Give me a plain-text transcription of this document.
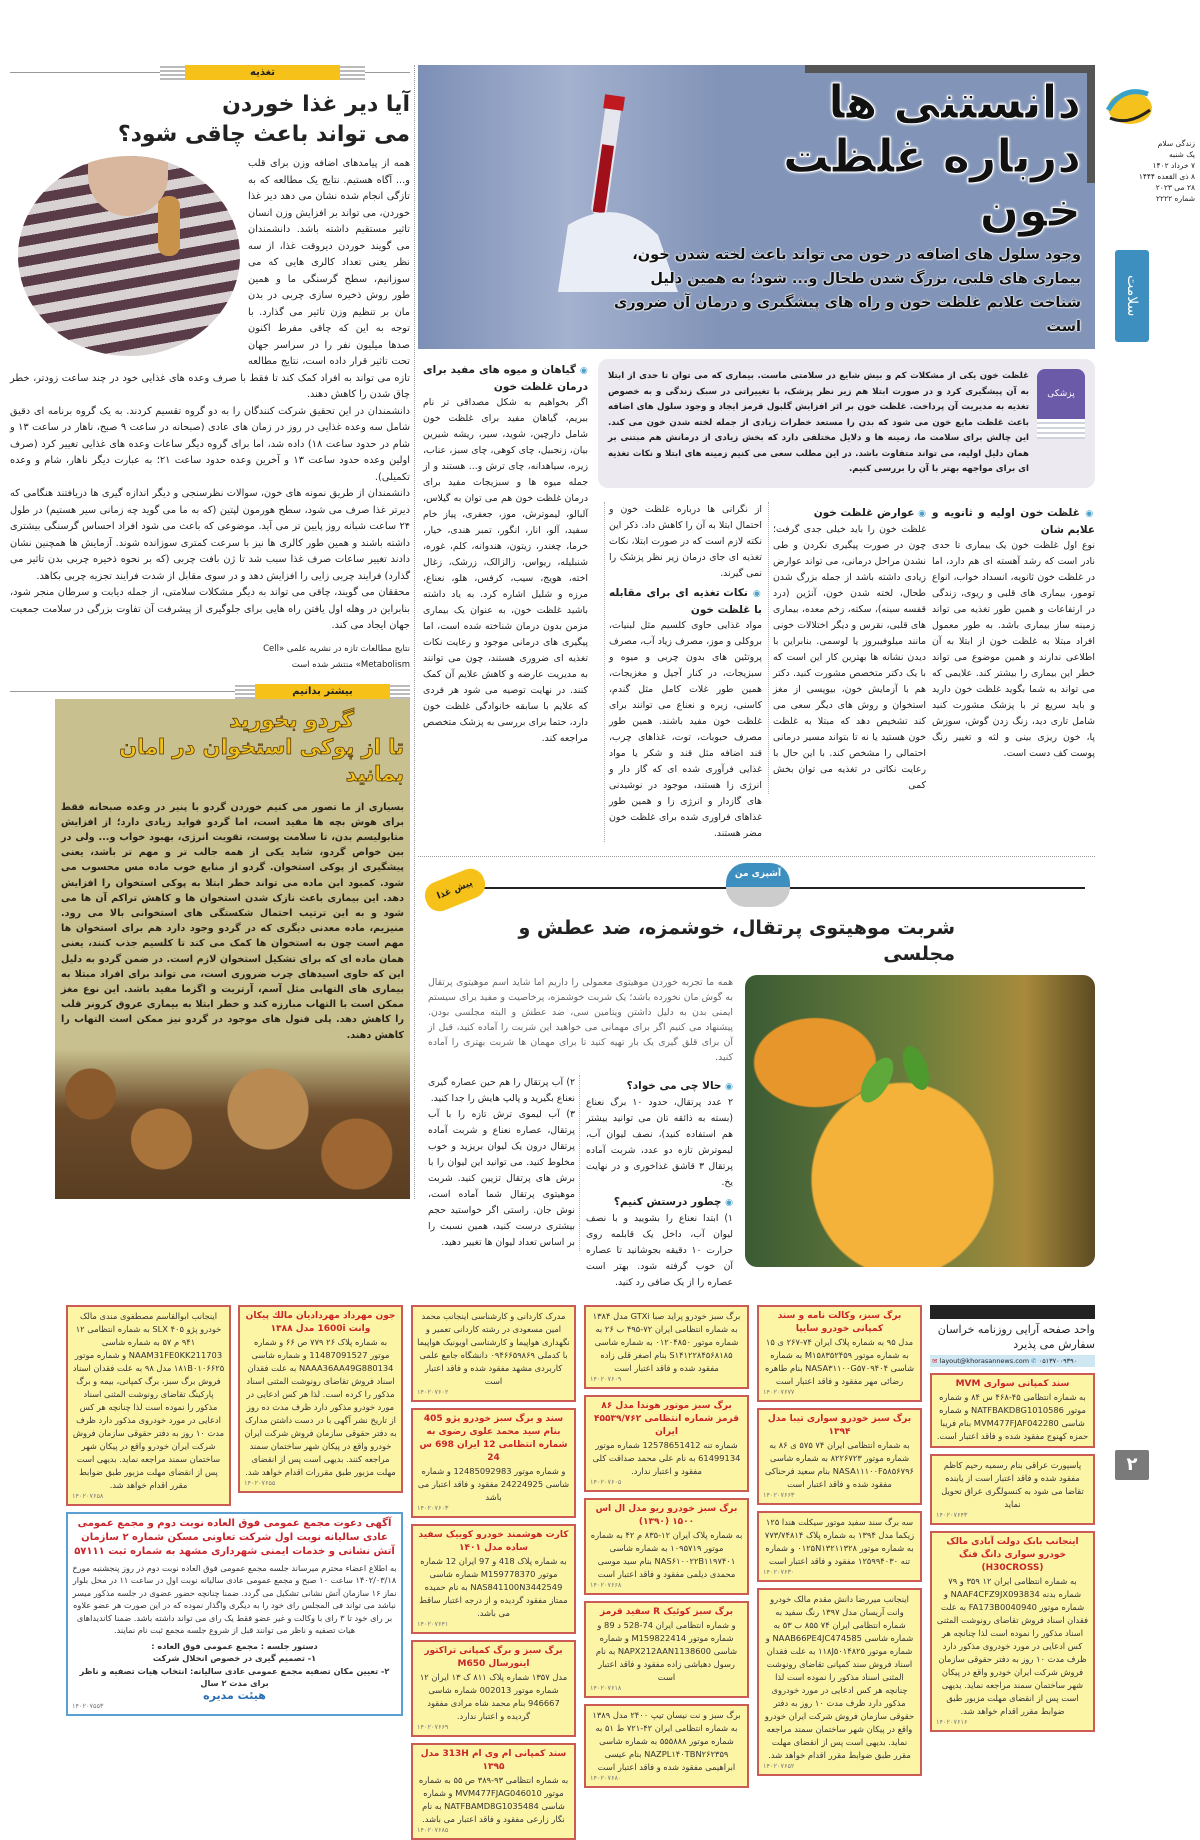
زندگی سلام
یک شنبه
۷ خرداد ۱۴۰۲
۸ ذی القعده ۱۴۴۴
۲۸ می ۲۰۲۳
شماره ۲۲۲۲
سلامت
۲
تغذیه
آیا دیر غذا خوردن
می تواند باعث چاقی شود؟

همه از پیامدهای اضافه وزن برای قلب و... آگاه هستیم. نتایج یک مطالعه که به تازگی انجام شده نشان می دهد دیر غذا خوردن، می تواند بر افزایش وزن انسان تاثیر مستقیم داشته باشد. دانشمندان می گویند خوردن دیروقت غذا، از سه نظر یعنی تعداد کالری هایی که می سوزانیم، سطح گرسنگی ما و همین طور روش ذخیره سازی چربی در بدن مان بر تنظیم وزن تاثیر می گذارد. با توجه به این که چاقی مفرط اکنون صدها میلیون نفر را در سراسر جهان تحت تاثیر قرار داده است، نتایج مطالعه تازه می تواند به افراد کمک کند تا فقط با صرف وعده های غذایی خود در چند ساعت زودتر، خطر چاق شدن را کاهش دهند.

دانشمندان در این تحقیق شرکت کنندگان را به دو گروه تقسیم کردند. به یک گروه برنامه ای دقیق شامل سه وعده غذایی در روز در زمان های عادی (صبحانه در ساعت ۹ صبح، ناهار در ساعت ۱۳ و شام در حدود ساعت ۱۸) داده شد، اما برای گروه دیگر ساعات وعده های غذایی تغییر کرد (صرف اولین وعده حدود ساعت ۱۳ و آخرین وعده حدود ساعت ۲۱؛ به عبارت دیگر ناهار، شام و وعده تکمیلی).

دانشمندان از طریق نمونه های خون، سوالات نظرسنجی و دیگر اندازه گیری ها دریافتند هنگامی که دیرتر غذا صرف می شود، سطح هورمون لپتین (که به ما می گوید چه زمانی سیر هستیم) در طول ۲۴ ساعت شبانه روز پایین تر می آید. موضوعی که باعث می شود افراد احساس گرسنگی بیشتری داشته باشند و همین طور کالری ها نیز با سرعت کمتری سوزانده شوند. آزمایش ها همچنین نشان دادند تغییر ساعات صرف غذا سبب شد تا ژن بافت چربی (که بر نحوه ذخیره چربی بدن تاثیر می گذارد) فرایند چربی زایی را افزایش دهد و در سوی مقابل از شدت فرایند تجزیه چربی بکاهد.

محققان می گویند، چاقی می تواند به دیگر مشکلات سلامتی، از جمله دیابت و سرطان منجر شود، بنابراین در وهله اول یافتن راه هایی برای جلوگیری از پیشرفت آن تفاوت بزرگی در سلامت جمعیت جهان ایجاد می کند.

نتایج مطالعات تازه در نشریه علمی «Cell Metabolism» منتشر شده است

بیشتر بدانیم
گردو بخورید
تا از پوکی استخوان در امان بمانید
بسیاری از ما تصور می کنیم خوردن گردو با پنیر در وعده صبحانه فقط برای هوش بچه ها مفید است، اما گردو فواید زیادی دارد؛ از افزایش متابولیسم بدن، تا سلامت پوست، تقویت انرژی، بهبود خواب و... ولی در بین خواص گردو، شاید یکی از همه جالب تر و مهم تر باشد، یعنی پیشگیری از پوکی استخوان. گردو از منابع خوب ماده مس محسوب می شود. کمبود این ماده می تواند خطر ابتلا به پوکی استخوان را افزایش دهد. این بیماری باعث نازک شدن استخوان ها و کاهش تراکم آن ها می شود و به این ترتیب احتمال شکستگی های استخوانی بالا می رود. منیزیم، ماده معدنی دیگری که در گردو وجود دارد هم برای استخوان ها مهم است چون به استخوان ها کمک می کند تا کلسیم جذب کنند، یعنی همان ماده ای که برای تشکیل استخوان لازم است. در ضمن گردو به دلیل این که حاوی اسیدهای چرب ضروری است، می تواند برای افراد مبتلا به بیماری های التهابی مثل آسم، آرتریت و اگزما مفید باشد. این نوع مغز ممکن است با التهاب مبارزه کند و خطر ابتلا به بیماری عروق کرونر قلب را کاهش دهد. پلی فنول های موجود در گردو نیز ممکن است التهاب را کاهش دهند.
دانستنی ها
درباره غلظت خون
وجود سلول های اضافه در خون می تواند باعث لخته شدن خون، بیماری های قلبی، بزرگ شدن طحال و... شود؛ به همین دلیل شناخت علایم غلظت خون و راه های پیشگیری و درمان آن ضروری است
پزشکی
غلظت خون یکی از مشکلات کم و بیش شایع در سلامتی ماست. بیماری که می توان تا حدی از ابتلا به آن پیشگیری کرد و در صورت ابتلا هم زیر نظر پزشک، با تغییراتی در سبک زندگی و به خصوص تغذیه به مدیریت آن پرداخت. غلظت خون بر اثر افزایش گلبول قرمز ایجاد و وجود سلول های اضافه باعث غلظت مایع خون می شود که بدن را مستعد خطرات زیادی از جمله لخته شدن خون می کند. این چالش برای سلامت ما، زمینه ها و دلایل مختلفی دارد که بخش زیادی از درمانش هم مبتنی بر همان دلیل اولیه، می تواند متفاوت باشد. در این مطلب سعی می کنیم زمینه های ابتلا و نکات تغذیه ای برای مواجهه بهتر با آن را بررسی کنیم.
◉ غلظت خون اولیه و ثانویه و علایم شان
نوع اول غلظت خون یک بیماری تا حدی نادر است که رشد آهسته ای هم دارد، اما در غلظت خون ثانویه، انسداد خواب، انواع تومور، بیماری های قلبی و ریوی، زندگی در ارتفاعات و همین طور تغذیه می تواند زمینه ساز بیماری باشد. به طور معمول افراد مبتلا به غلظت خون از ابتلا به آن اطلاعی ندارند و همین موضوع می تواند خطر این بیماری را بیشتر کند. علایمی که می تواند به شما بگوید غلظت خون دارید و باید سریع تر با پزشک مشورت کنید شامل تاری دید، زنگ زدن گوش، سوزش پا، خون ریزی بینی و لثه و تغییر رنگ پوست کف دست است.
◉ عوارض غلظت خون
غلظت خون را باید خیلی جدی گرفت؛ چون در صورت پیگیری نکردن و طی نشدن مراحل درمانی، می تواند عوارض زیادی داشته باشد از جمله بزرگ شدن طحال، لخته شدن خون، آنژین (درد قفسه سینه)، سکته، زخم معده، بیماری های قلبی، نقرس و دیگر اختلالات خونی مانند میلوفیبروز یا لوسمی. بنابراین با دیدن نشانه ها بهترین کار این است که با یک دکتر متخصص مشورت کنید. دکتر هم با آزمایش خون، بیوپسی از مغز استخوان و روش های دیگر سعی می کند تشخیص دهد که مبتلا به غلظت خون هستید یا نه تا بتواند مسیر درمانی احتمالی را مشخص کند. با این حال با رعایت نکاتی در تغذیه می توان بخش کمی
از نگرانی ها درباره غلظت خون و احتمال ابتلا به آن را کاهش داد. ذکر این نکته لازم است که در صورت ابتلا، نکات تغذیه ای جای درمان زیر نظر پزشک را نمی گیرند.
◉ نکات تغذیه ای برای مقابله با غلظت خون
مواد غذایی حاوی کلسیم مثل لبنیات، بروکلی و موز، مصرف زیاد آب، مصرف پروتئین های بدون چربی و میوه و سبزیجات، در کنار آجیل و مغزیجات، همین طور غلات کامل مثل گندم، کاسنی، زیره و نعناع می توانند برای غلظت خون مفید باشند. همین طور مصرف حبوبات، توت، غذاهای چرب، قند اضافه مثل قند و شکر یا مواد غذایی فرآوری شده ای که گاز دار و انرژی زا هستند، موجود در نوشیدنی های گازدار و انرژی زا و همین طور غذاهای فراوری شده برای غلظت خون مضر هستند.
◉ گیاهان و میوه های مفید برای درمان غلظت خون
اگر بخواهیم به شکل مصداقی تر نام ببریم، گیاهان مفید برای غلظت خون شامل دارچین، شوید، سیر، ریشه شیرین بیان، زنجبیل، چای کوهی، چای سبز، عناب، زیره، سیاهدانه، چای ترش و... هستند و از جمله میوه ها و سبزیجات مفید برای درمان غلظت خون هم می توان به گیلاس، آلبالو، لیموترش، موز، جعفری، پیاز خام سفید، آلو، انار، انگور، تمبر هندی، خیار، خرما، چغندر، زیتون، هندوانه، کلم، غوره، شنبلیله، ریواس، زالزالک، زرشک، زغال اخته، هویج، سیب، کرفس، هلو، نعناع، مرزه و شلیل اشاره کرد. به یاد داشته باشید غلظت خون، به عنوان یک بیماری مزمن بدون درمان شناخته شده است، اما پیگیری های درمانی موجود و رعایت نکات تغذیه ای ضروری هستند، چون می توانند به مدیریت عارضه و کاهش علایم آن کمک کنند. در نهایت توصیه می شود هر فردی که علایم با سابقه خانوادگی غلظت خون دارد، حتما برای بررسی به پزشک متخصص مراجعه کند.
آشپزی من
پیش غذا
شربت موهیتوی پرتقال، خوشمزه، ضد عطش و مجلسی
همه ما تجربه خوردن موهیتوی معمولی را داریم اما شاید اسم موهیتوی پرتقال به گوش مان نخورده باشد؛ یک شربت خوشمزه، پرخاصیت و مفید برای سیستم ایمنی بدن به دلیل داشتن ویتامین سی، ضد عطش و البته مجلسی بودن. پیشنهاد می کنیم اگر برای مهمانی می خواهید این شربت را آماده کنید، قبل از آن برای قلق گیری یک بار تهیه کنید تا برای مهمان ها شربت بهتری را آماده کنید.
◉ حالا چی می خواد؟
۲ عدد پرتقال، حدود ۱۰ برگ نعناع (بسته به ذائقه تان می توانید بیشتر هم استفاده کنید)، نصف لیوان آب، لیموترش تازه دو عدد، شربت آماده پرتقال ۳ قاشق غذاخوری و در نهایت یخ.
◉ چطور درستش کنیم؟
۱) ابتدا نعناع را بشویید و با نصف لیوان آب، داخل یک قابلمه روی حرارت ۱۰ دقیقه بجوشانید تا عصاره آن خوب گرفته شود. بهتر است عصاره را از یک صافی رد کنید.
۲) آب پرتقال را هم حین عصاره گیری نعناع بگیرید و پالپ هایش را جدا کنید.
۳) آب لیموی ترش تازه را با آب پرتقال، عصاره نعناع و شربت آماده پرتقال درون یک لیوان بریزید و خوب مخلوط کنید. می توانید این لیوان را با برش های پرتقال تزیین کنید. شربت موهیتوی پرتقال شما آماده است، نوش جان. راستی اگر خواستید حجم بیشتری درست کنید، همین نسبت را بر اساس تعداد لیوان ها تغییر دهید.
واحد صفحه آرایی روزنامه خراسان سفارش می پذیرد
✉ layout@khorasannews.com ✆ ۰۵۱۳۷۰۰۹۳۹۰
سند کمپانی سواری MVM
به شماره انتظامی ۴۵-۴۶۸ س ۸۴ و شماره موتور NATFBAKD8G1010586 و شماره شاسی MVM477FJAF042280 بنام فریبا حمزه کهنوج مفقود شده و فاقد اعتبار است.
پاسپورت عراقی بنام رسمیه رحیم کاظم مفقود شده و فاقد اعتبار است از یابنده تقاضا می شود به کنسولگری عراق تحویل نماید
۱۴۰۲۰۷۶۴۳
اینجانب بابک دولت آبادی مالک خودرو سواری دانگ فنگ (H30CROSS)
به شماره انتظامی ایران ۱۲ ۳۵۹ و ۷۹ شماره بدنه NAAF4CFZ9JX093834 و شماره موتور FA173B0040940 به علت فقدان اسناد فروش تقاضای رونوشت المثنی اسناد مذکور را نموده است لذا چنانچه هر کس ادعایی در مورد خودروی مذکور دارد ظرف مدت ۱۰ روز به دفتر حقوقی سازمان فروش شرکت ایران خودرو واقع در پیکان شهر ساختمان سمند مراجعه نماید. بدیهی است پس از انقضای مهلت مزبور طبق ضوابط مقرر اقدام خواهد شد.
۱۴۰۲۰۷۶۱۶
برگ سبز، وکالت نامه و سند کمپانی خودرو سایپا
مدل ۹۵ به شماره پلاک ایران ۷۴-۲۶۷ ی ۱۵ به شماره موتور M۱۵۸۳۵۲۴۵۹ به شماره شاسی NASA۳۱۱۰۰G۵۷۰۹۴۰۴ بنام طاهره رضائی مهر مفقود و فاقد اعتبار است
۱۴۰۲۰۷۶۷۷
برگ سبز خودرو سواری تیبا مدل ۱۳۹۴
به شماره انتظامی ایران ۷۴ ۵۷۵ ی ۸۶ به شماره موتور ۸۲۲۶۷۲۳ به شماره شاسی NASA۱۱۱۰۰F۵۸۵۶۷۹۶ بنام سعید فرحناکی مفقود شده و فاقد اعتبار است
۱۴۰۲۰۷۶۶۳
سه برگ سند سفید موتور سیکلت هندا ۱۲۵ زیکما مدل ۱۳۹۴ به شماره پلاک ۷۷۳/۷۴۸۱۴ به شماره موتور ۰۱۲۵N۱۳۲۱۱۳۲۸ و شماره تنه ۱۲۵۹۹۴۰۳۰ مفقود و فاقد اعتبار است
۱۴۰۲۰۷۶۳۰
اینجانب میررضا دانش مقدم مالک خودرو وانت آریسان مدل ۱۳۹۷ رنگ سفید به شماره انتظامی ایران ۷۴ ۸۵۵ ب ۵۳ به شماره شاسی NAAB66PE4JC474585 و شماره موتور ۱۱۸J۵۰۱۴۸۲۵ به علت فقدان اسناد فروش سند کمپانی تقاضای رونوشت المثنی اسناد مذکور را نموده است لذا چنانچه هر کس ادعایی در مورد خودروی مذکور دارد ظرف مدت ۱۰ روز به دفتر حقوقی سازمان فروش شرکت ایران خودرو واقع در پیکان شهر ساختمان سمند مراجعه نماید. بدیهی است پس از انقضای مهلت مقرر طبق ضوابط مقرر اقدام خواهد شد.
۱۴۰۲۰۷۶۵۲
برگ سبز خودرو پراید صبا GTXi مدل ۱۳۸۴ به شماره انتظامی ایران ۷۲-۴۹۵ ب ۲۶ به شماره موتور ۰۱۲۰۴۸۵۰ به شماره شاسی S۱۴۱۲۲۸۴۵۶۸۱۸۵ بنام اصغر قلی زاده مفقود شده و فاقد اعتبار است
۱۴۰۲۰۷۶۰۹
برگ سبز موتور هوندا مدل ۸۶ قرمز شماره انتظامی ۴۵۵۳۹/۷۶۲ ایران
شماره تنه 12578651412 شماره موتور 61499134 به نام علی محمد صداقت کلی مفقود و اعتبار ندارد.
۱۴۰۲۰۷۶۰۵
برگ سبز خودرو ریو مدل ال اس ۱۵۰۰ (۱۳۹۰)
به شماره پلاک ایران ۱۲-۸۳۵ م ۴۲ به شماره موتور ۱۰۹۵۷۱۹ به شماره شاسی NAS۶۱۰۰۲۲B۱۱۹۷۴۰۱ بنام سید موسی محمدی دیلمی مفقود و فاقد اعتبار است
۱۴۰۲۰۷۶۶۸
برگ سبز کوئیک R سفید قرمز
و شماره انتظامی ایران 74-528 د 89 و شماره موتور M159822414 و شماره شاسی NAPX212AAN1138600 به نام رسول دهباشی زاده مفقود و فاقد اعتبار است
۱۴۰۲۰۷۶۱۸
برگ سبز و نت نیسان تیپ ۲۴۰۰ مدل ۱۳۸۹ به شماره انتظامی ایران ۴۲-۷۲۱ ط ۵۱ به شماره موتور ۵۵۵۸۸۸ به شماره شاسی NAZPL۱۴۰TBN۲۶۲۳۵۹ بنام عیسی ابراهیمی مفقود شده و فاقد اعتبار است
۱۴۰۲۰۷۶۸۰
مدرک کاردانی و کارشناسی اینجانب محمد امین مسعودی در رشته کاردانی تعمیر و نگهداری هواپیما و کارشناسی اویونیک هواپیما با کدملی ۰۹۴۶۶۵۹۸۶۹ دانشگاه جامع علمی کاربردی مشهد مفقود شده و فاقد اعتبار است
۱۴۰۲۰۷۶۰۲
سند و برگ سبز خودرو پژو 405 بنام سید محمد علوی رضوی به شماره انتظامی 12 ایران 698 س 24
و شماره موتور 12485092983 و شماره شاسی 24224925 مفقود و فاقد اعتبار می باشد
۱۴۰۲۰۷۶۰۳
کارت هوشمند خودرو کوییک سفید ساده مدل ۱۴۰۱
به شماره پلاک 418 و 97 ایران 12 شماره موتور M159778370 شماره شاسی NAS841100N3442549 به نام حمیده ممتاز مفقود گردیده و از درجه اعتبار ساقط می باشد.
۱۴۰۲۰۷۶۴۱
برگ سبز و برگ کمپانی تراکتور اینورسال M650
مدل ۱۳۵۷ شماره پلاک ۸۱۱ ک ۱۳ ایران ۱۲ شماره موتور 002013 شماره شاسی 946667 بنام محمد شاه مرادی مفقود گردیده و اعتبار ندارد.
۱۴۰۲۰۷۶۶۹
سند کمپانی ام وی ام 313H مدل ۱۳۹۵
به شماره انتظامی ۹۳-۳۸۹ ص ۵۵ به شماره موتور MVM477FJAG046010 و شماره شاسی NATFBAMD8G1035484 به نام نگار زارعی مفقود و فاقد اعتبار می باشد.
۱۴۰۲۰۷۶۸۵
جون مهرداد مهرداديان مالك پيكان وانت 1600i مدل ۱۳۸۸
به شماره پلاک ۲۶ ۷۷۹ ص ۶۶ و شماره موتور 11487091527 و شماره شاسی NAAA36AA49G880134 به علت فقدان اسناد فروش تقاضای رونوشت المثنی اسناد مذکور را کرده است. لذا هر کس ادعایی در مورد خودرو مذکور دارد ظرف مدت ده روز از تاریخ نشر آگهی با در دست داشتن مدارک به دفتر حقوقی سازمان فروش شرکت ایران خودرو واقع در پیکان شهر ساختمان سمند مراجعه کنند. بدیهی است پس از انقضای مهلت مزبور طبق مقررات اقدام خواهد شد.
۱۴۰۲۰۷۶۵۵
اینجانب ابوالقاسم مصطفوی مندی مالک خودرو پژو SLX ۴۰۵ به شماره انتظامی ۱۲ ۹۴۱ م ۵۷ به شماره شاسی NAAM31FE0KK211703 و شماره موتور ۱۸۱B۰۱۰۶۶۲۵ مدل ۹۸ به علت فقدان اسناد فروش برگ سبز، برگ کمپانی، بیمه و برگ پارکینگ تقاضای رونوشت المثنی اسناد مذکور را نموده است لذا چنانچه هر کس ادعایی در مورد خودروی مذکور دارد ظرف مدت ۱۰ روز به دفتر حقوقی سازمان فروش شرکت ایران خودرو واقع در پیکان شهر ساختمان سمند مراجعه نماید. بدیهی است پس از انقضای مهلت مزبور طبق ضوابط مقرر اقدام خواهد شد.
۱۴۰۲۰۷۶۵۸
آگهی دعوت مجمع عمومی فوق العاده نوبت دوم و مجمع عمومی عادی سالیانه نوبت اول شرکت تعاونی مسکن شماره ۲ سازمان آتش نشانی و خدمات ایمنی شهرداری مشهد به شماره ثبت ۵۷۱۱۱
به اطلاع اعضاء محترم میرساند جلسه مجمع عمومی فوق العاده نوبت دوم در روز پنجشنبه مورخ ۱۴۰۲/۰۳/۱۸ ساعت ۱۰ صبح و مجمع عمومی عادی سالیانه نوبت اول در ساعت ۱۱ در محل بلوار نماز ۱۶ سازمان آتش نشانی تشکیل می گردد. ضمنا چنانچه حضور عضوی در جلسه مذکور میسر نباشد می تواند فی المجلس رای خود را به دیگری واگذار نموده که در این صورت هر عضو علاوه بر رای خود تا ۳ رای با وکالت و غیر عضو فقط یک رای می تواند داشته باشد. ضمنا کاندیداهای هیات تصفیه و ناظر می توانند قبل از شروع جلسه مجمع ثبت نام نمایند.
دستور جلسه : مجمع عمومی فوق العاده :
۱- تصمیم گیری در خصوص انحلال شرکت
۲- تعیین مکان تصفیه مجمع عمومی عادی سالیانه: انتخاب هیات تصفیه و ناظر برای مدت ۲ سال
هیئت مدیره
۱۴۰۲۰۷۵۵۳
